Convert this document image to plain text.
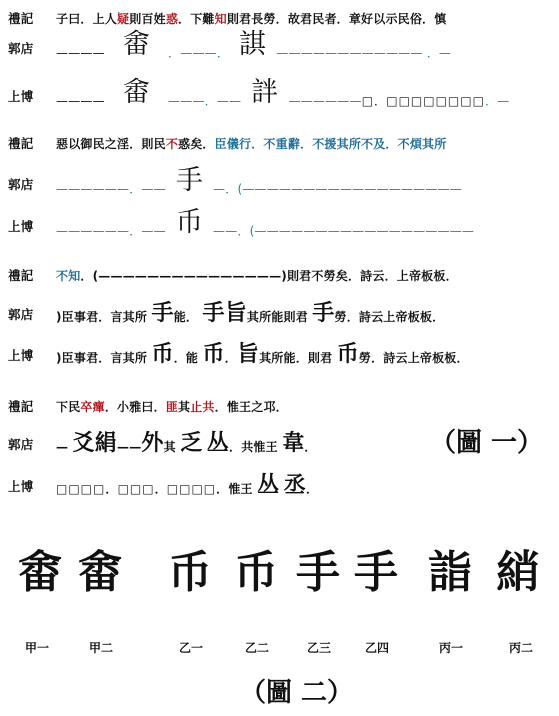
禮記 子曰．上人疑則百姓惑．下難知則君長勞．故君民者．章好以示民俗．慎
郭店 ———— 畬 ．———． 諆 ———————————— ．—
上博 ———— 畬 ———．—— 詊 ——————□．□□□□□□□□．—
禮記 惡以御民之淫．則民不惑矣．臣儀行．不重辭．不援其所不及．不煩其所
郭店 ——————．—— 手 —．(——————————————————
上博 ——————．—— 币 ——．(——————————————————
禮記 不知．(———————————————)則君不勞矣．詩云．上帝板板．
郭店 )臣事君．言其所 手能． 手旨其所能則君 手勞．詩云上帝板板．
上博 )臣事君．言其所 币．能 币．旨其所能．則君 币勞．詩云上帝板板．
禮記 下民卒癉．小雅曰．匪其止共．惟王之邛．
郭店 — 爻絹——外其 乏 丛．共惟王 韋．
上博 □□□□．□□□．□□□□．惟王 丛 丞．
（圖 一）
畬 畬 币 币 手 手 詣 綃
甲一	甲二	乙一	乙二	乙三	乙四	丙一	丙二
（圖 二）
